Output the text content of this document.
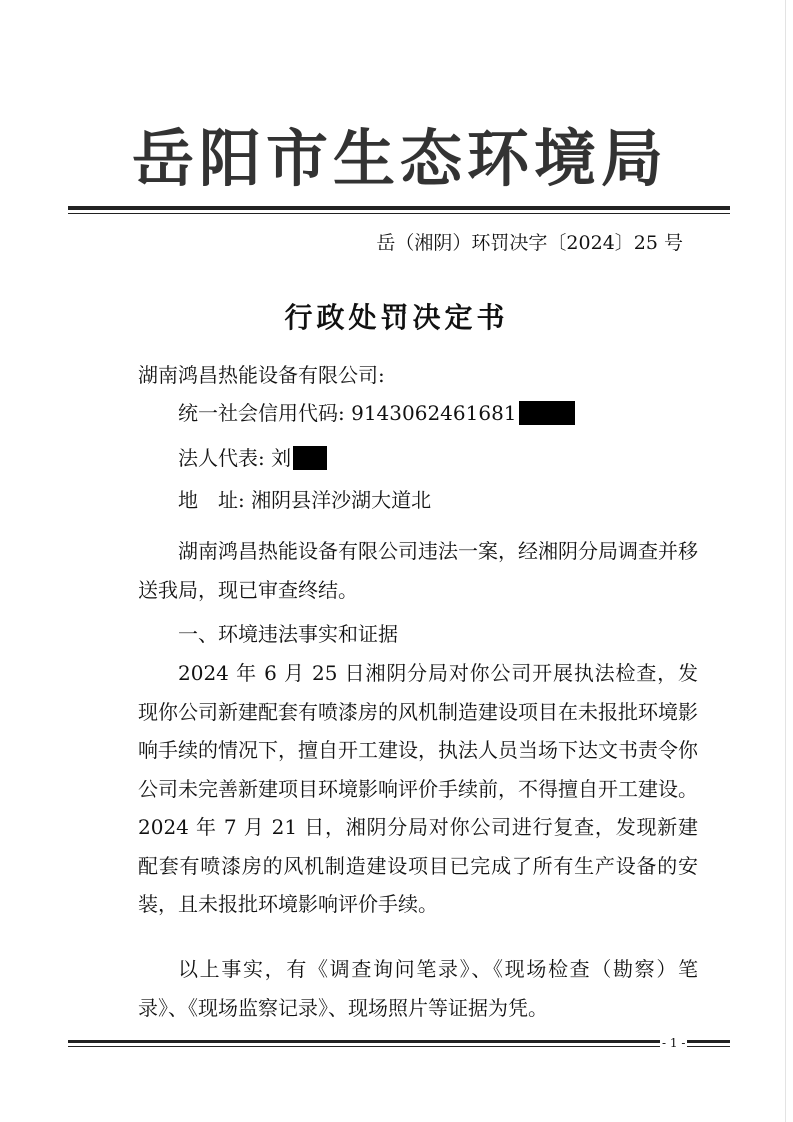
岳阳市生态环境局
岳（湘阴）环罚决字〔2024〕25 号
行政处罚决定书
湖南鸿昌热能设备有限公司:
统一社会信用代码: 9143062461681
法人代表: 刘
地　址: 湘阴县洋沙湖大道北
湖南鸿昌热能设备有限公司违法一案，经湘阴分局调查并移送我局，现已审查终结。
一、环境违法事实和证据
2024 年 6 月 25 日湘阴分局对你公司开展执法检查，发现你公司新建配套有喷漆房的风机制造建设项目在未报批环境影响手续的情况下，擅自开工建设，执法人员当场下达文书责令你公司未完善新建项目环境影响评价手续前，不得擅自开工建设。2024 年 7 月 21 日，湘阴分局对你公司进行复查，发现新建配套有喷漆房的风机制造建设项目已完成了所有生产设备的安装，且未报批环境影响评价手续。
以上事实，有《调查询问笔录》、《现场检查（勘察）笔录》、《现场监察记录》、现场照片等证据为凭。
- 1 -
